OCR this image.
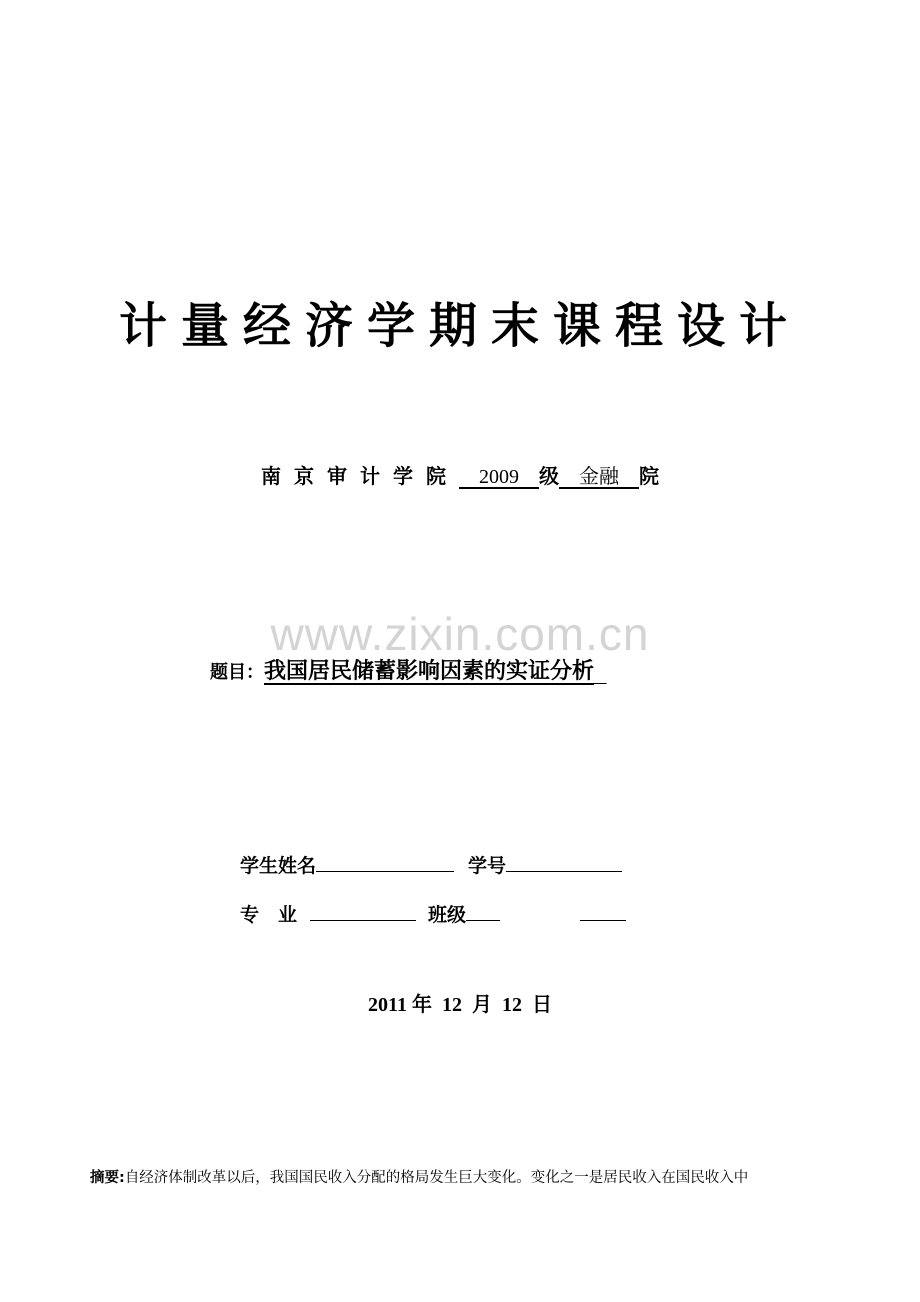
计量经济学期末课程设计
南京审计学院 2009 级 金融 院
www.zixin.com.cn
题目：我国居民储蓄影响因素的实证分析
学生姓名	学号
专　业	班级
2011 年 12 月 12 日
摘要:自经济体制改革以后，我国国民收入分配的格局发生巨大变化。变化之一是居民收入在国民收入中
